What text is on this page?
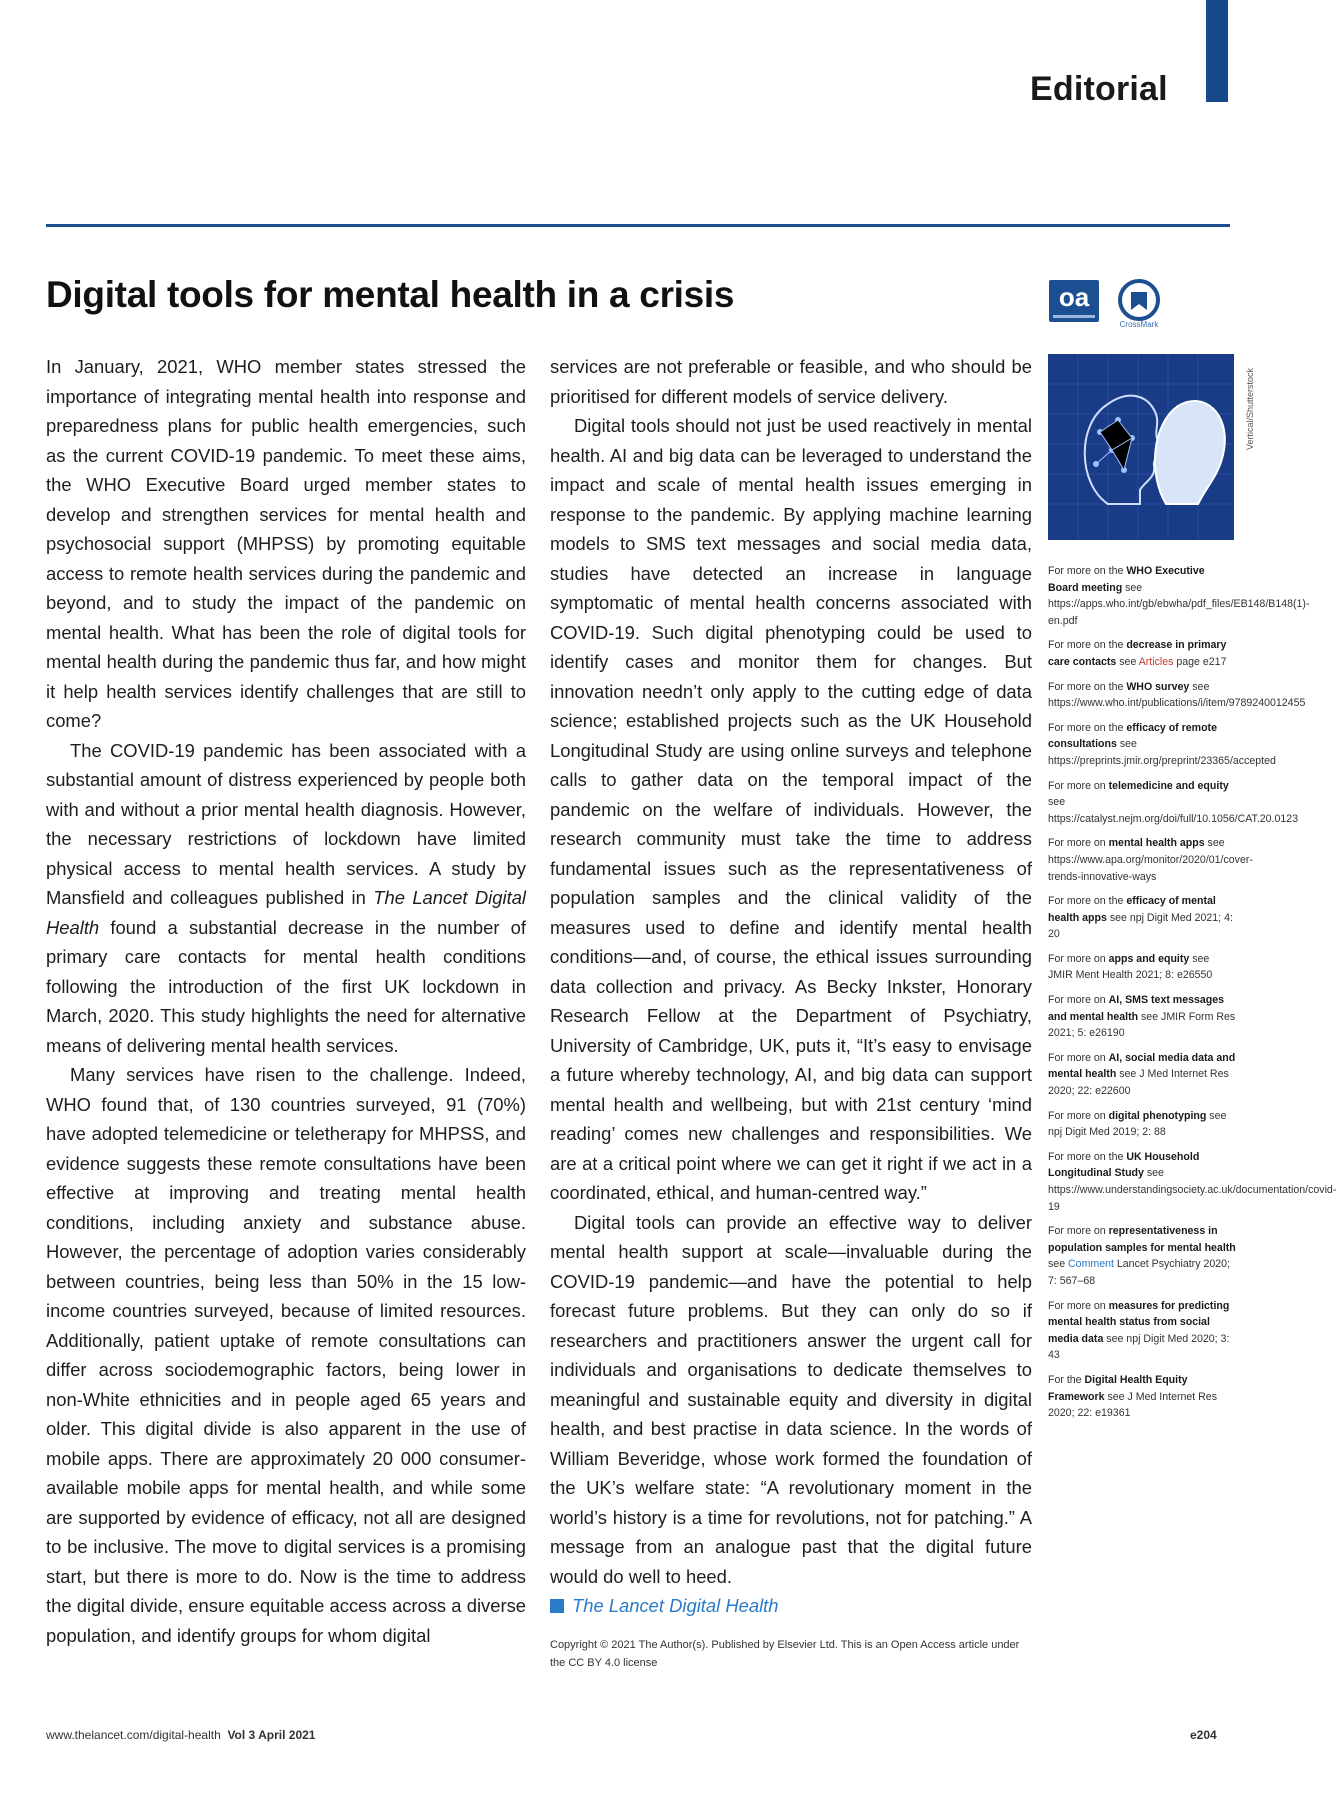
Editorial
Digital tools for mental health in a crisis	oa
CrossMark

In January, 2021, WHO member states stressed the importance of integrating mental health into response and preparedness plans for public health emergencies, such as the current COVID-19 pandemic. To meet these aims, the WHO Executive Board urged member states to develop and strengthen services for mental health and psychosocial support (MHPSS) by promoting equitable access to remote health services during the pandemic and beyond, and to study the impact of the pandemic on mental health. What has been the role of digital tools for mental health during the pandemic thus far, and how might it help health services identify challenges that are still to come?

The COVID-19 pandemic has been associated with a substantial amount of distress experienced by people both with and without a prior mental health diagnosis. However, the necessary restrictions of lockdown have limited physical access to mental health services. A study by Mansfield and colleagues published in The Lancet Digital Health found a substantial decrease in the number of primary care contacts for mental health conditions following the introduction of the first UK lockdown in March, 2020. This study highlights the need for alternative means of delivering mental health services.

Many services have risen to the challenge. Indeed, WHO found that, of 130 countries surveyed, 91 (70%) have adopted telemedicine or teletherapy for MHPSS, and evidence suggests these remote consultations have been effective at improving and treating mental health conditions, including anxiety and substance abuse. However, the percentage of adoption varies considerably between countries, being less than 50% in the 15 low-income countries surveyed, because of limited resources. Additionally, patient uptake of remote consultations can differ across sociodemographic factors, being lower in non-White ethnicities and in people aged 65 years and older. This digital divide is also apparent in the use of mobile apps. There are approximately 20 000 consumer-available mobile apps for mental health, and while some are supported by evidence of efficacy, not all are designed to be inclusive. The move to digital services is a promising start, but there is more to do. Now is the time to address the digital divide, ensure equitable access across a diverse population, and identify groups for whom digital

services are not preferable or feasible, and who should be prioritised for different models of service delivery.

Digital tools should not just be used reactively in mental health. AI and big data can be leveraged to understand the impact and scale of mental health issues emerging in response to the pandemic. By applying machine learning models to SMS text messages and social media data, studies have detected an increase in language symptomatic of mental health concerns associated with COVID-19. Such digital phenotyping could be used to identify cases and monitor them for changes. But innovation needn’t only apply to the cutting edge of data science; established projects such as the UK Household Longitudinal Study are using online surveys and telephone calls to gather data on the temporal impact of the pandemic on the welfare of individuals. However, the research community must take the time to address fundamental issues such as the representativeness of population samples and the clinical validity of the measures used to define and identify mental health conditions—and, of course, the ethical issues surrounding data collection and privacy. As Becky Inkster, Honorary Research Fellow at the Department of Psychiatry, University of Cambridge, UK, puts it, “It’s easy to envisage a future whereby technology, AI, and big data can support mental health and wellbeing, but with 21st century ‘mind reading’ comes new challenges and responsibilities. We are at a critical point where we can get it right if we act in a coordinated, ethical, and human-centred way.”

Digital tools can provide an effective way to deliver mental health support at scale—invaluable during the COVID-19 pandemic—and have the potential to help forecast future problems. But they can only do so if researchers and practitioners answer the urgent call for individuals and organisations to dedicate themselves to meaningful and sustainable equity and diversity in digital health, and best practise in data science. In the words of William Beveridge, whose work formed the foundation of the UK’s welfare state: “A revolutionary moment in the world’s history is a time for revolutions, not for patching.” A message from an analogue past that the digital future would do well to heed.

The Lancet Digital Health

Copyright © 2021 The Author(s). Published by Elsevier Ltd. This is an Open Access article under the CC BY 4.0 license
Vertical/Shutterstock
For more on the WHO Executive Board meeting see https://apps.who.int/gb/ebwha/pdf_files/EB148/B148(1)-en.pdf
For more on the decrease in primary care contacts see Articles page e217
For more on the WHO survey see https://www.who.int/publications/i/item/9789240012455
For more on the efficacy of remote consultations see https://preprints.jmir.org/preprint/23365/accepted
For more on telemedicine and equity see https://catalyst.nejm.org/doi/full/10.1056/CAT.20.0123
For more on mental health apps see https://www.apa.org/monitor/2020/01/cover-trends-innovative-ways
For more on the efficacy of mental health apps see npj Digit Med 2021; 4: 20
For more on apps and equity see JMIR Ment Health 2021; 8: e26550
For more on AI, SMS text messages and mental health see JMIR Form Res 2021; 5: e26190
For more on AI, social media data and mental health see J Med Internet Res 2020; 22: e22600
For more on digital phenotyping see npj Digit Med 2019; 2: 88
For more on the UK Household Longitudinal Study see https://www.understandingsociety.ac.uk/documentation/covid-19
For more on representativeness in population samples for mental health see Comment Lancet Psychiatry 2020; 7: 567–68
For more on measures for predicting mental health status from social media data see npj Digit Med 2020; 3: 43
For the Digital Health Equity Framework see J Med Internet Res 2020; 22: e19361
www.thelancet.com/digital-health Vol 3 April 2021	e204
